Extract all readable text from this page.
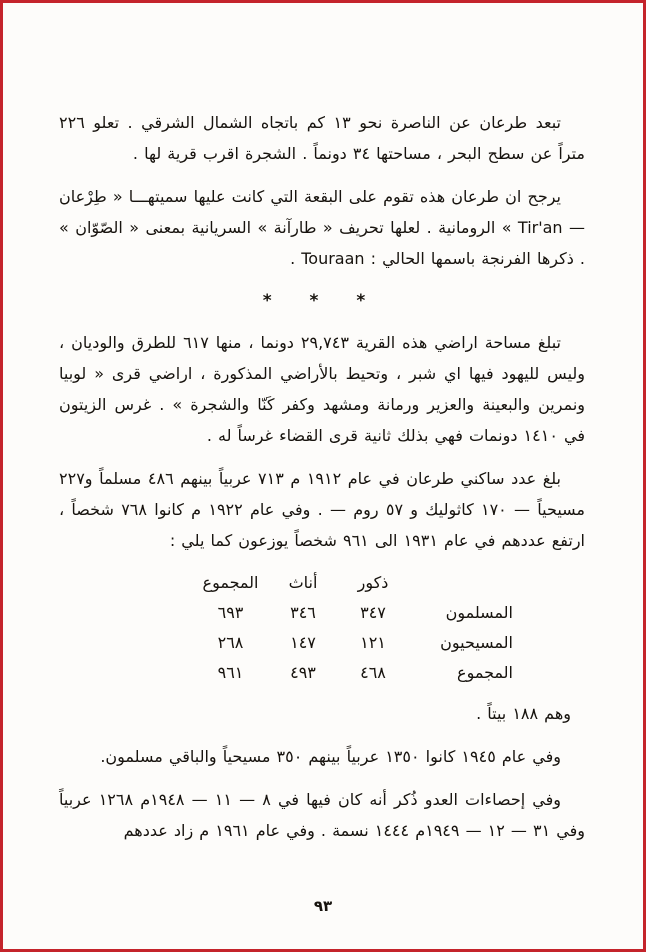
تبعد طرعان عن الناصرة نحو ١٣ كم باتجاه الشمال الشرقي . تعلو ٢٢٦ متراً عن سطح البحر ، مساحتها ٣٤ دونماً . الشجرة اقرب قرية لها .

يرجح ان طرعان هذه تقوم على البقعة التي كانت عليها سميتهـــا « طِرْعان — Tir'an » الرومانية . لعلها تحريف « طارآنة » السريانية بمعنى « الصّوّان » . ذكرها الفرنجة باسمها الحالي : Touraan .

* * *

تبلغ مساحة اراضي هذه القرية ٢٩,٧٤٣ دونما ، منها ٦١٧ للطرق والوديان ، وليس لليهود فيها اي شبر ، وتحيط بالأراضي المذكورة ، اراضي قرى « لوبيا ونمرين والبعينة والعزير ورمانة ومشهد وكفر كَنّا والشجرة » . غرس الزيتون في ١٤١٠ دونمات فهي بذلك ثانية قرى القضاء غرساً له .

بلغ عدد ساكني طرعان في عام ١٩١٢ م ٧١٣ عربياً بينهم ٤٨٦ مسلماً و٢٢٧ مسيحياً — ١٧٠ كاثوليك و ٥٧ روم — . وفي عام ١٩٢٢ م كانوا ٧٦٨ شخصاً ، ارتفع عددهم في عام ١٩٣١ الى ٩٦١ شخصاً يوزعون كما يلي :

ذكور
أناث
المجموع
المسلمون
٣٤٧
٣٤٦
٦٩٣
المسيحيون
١٢١
١٤٧
٢٦٨
المجموع
٤٦٨
٤٩٣
٩٦١

وهم ١٨٨ بيتاً .

وفي عام ١٩٤٥ كانوا ١٣٥٠ عربياً بينهم ٣٥٠ مسيحياً والباقي مسلمون.

وفي إحصاءات العدو ذُكر أنه كان فيها في ٨ — ١١ — ١٩٤٨م ١٢٦٨ عربياً وفي ٣١ — ١٢ — ١٩٤٩م ١٤٤٤ نسمة . وفي عام ١٩٦١ م زاد عددهم

٩٣
